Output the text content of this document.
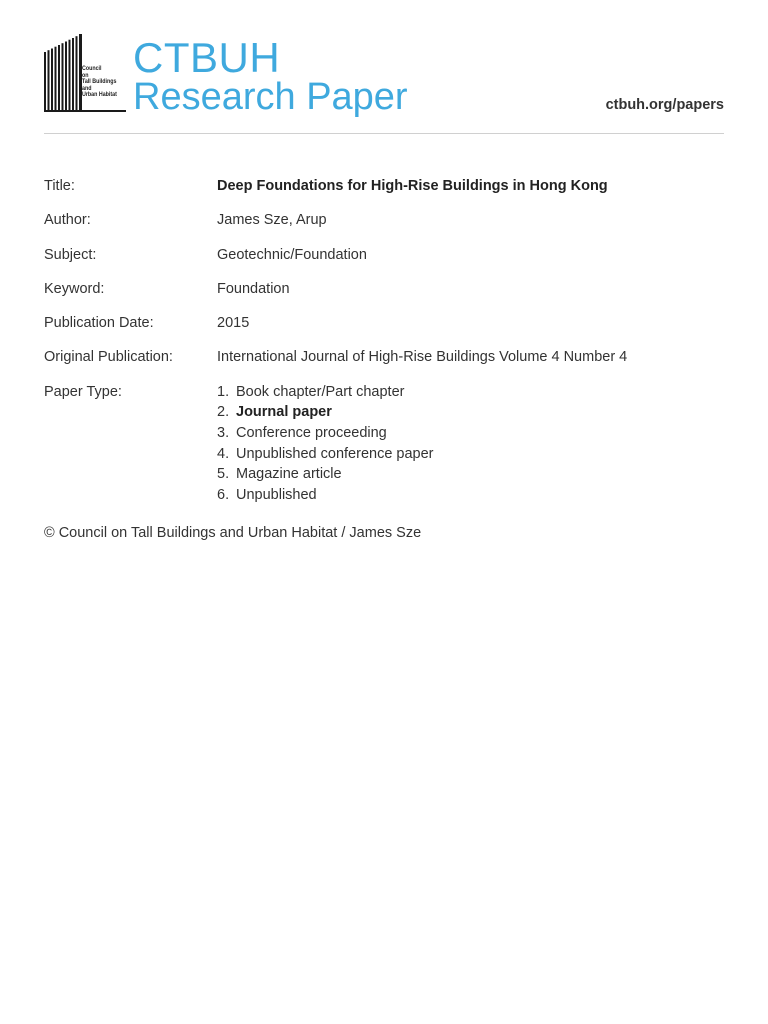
Council
on
Tall Buildings
and
Urban Habitat
CTBUH
Research Paper	ctbuh.org/papers
Title:	Deep Foundations for High-Rise Buildings in Hong Kong
Author:	James Sze, Arup
Subject:	Geotechnic/Foundation
Keyword:	Foundation
Publication Date:	2015
Original Publication:	International Journal of High-Rise Buildings Volume 4 Number 4
Paper Type:	1. Book chapter/Part chapter
2. Journal paper
3. Conference proceeding
4. Unpublished conference paper
5. Magazine article
6. Unpublished
© Council on Tall Buildings and Urban Habitat / James Sze
